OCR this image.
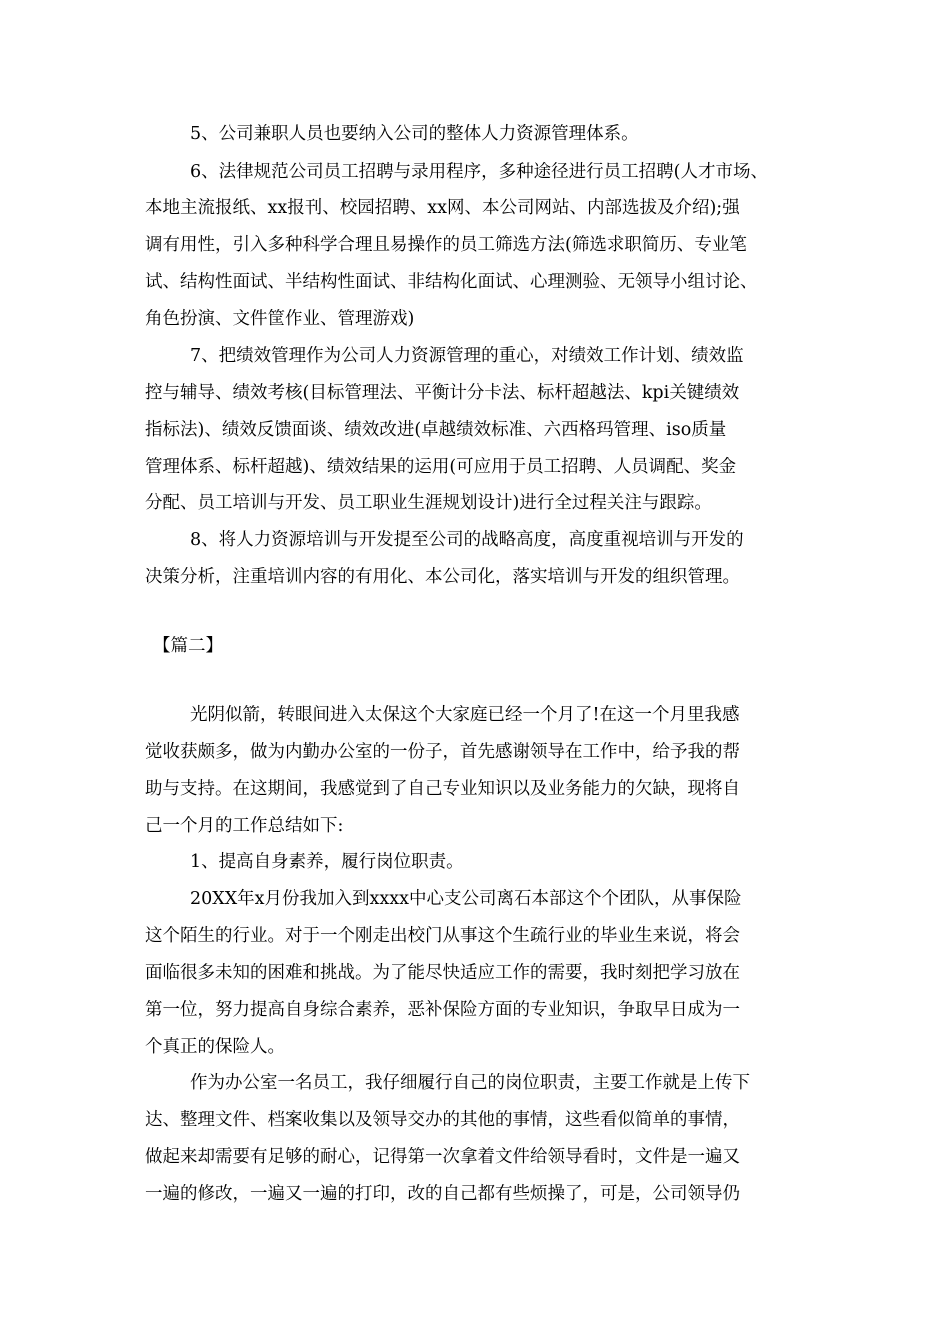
5、公司兼职人员也要纳入公司的整体人力资源管理体系。
6、法律规范公司员工招聘与录用程序，多种途径进行员工招聘(人才市场、
本地主流报纸、xx报刊、校园招聘、xx网、本公司网站、内部选拔及介绍);强
调有用性，引入多种科学合理且易操作的员工筛选方法(筛选求职简历、专业笔
试、结构性面试、半结构性面试、非结构化面试、心理测验、无领导小组讨论、
角色扮演、文件筐作业、管理游戏)
7、把绩效管理作为公司人力资源管理的重心，对绩效工作计划、绩效监
控与辅导、绩效考核(目标管理法、平衡计分卡法、标杆超越法、kpi关键绩效
指标法)、绩效反馈面谈、绩效改进(卓越绩效标准、六西格玛管理、iso质量
管理体系、标杆超越)、绩效结果的运用(可应用于员工招聘、人员调配、奖金
分配、员工培训与开发、员工职业生涯规划设计)进行全过程关注与跟踪。
8、将人力资源培训与开发提至公司的战略高度，高度重视培训与开发的
决策分析，注重培训内容的有用化、本公司化，落实培训与开发的组织管理。
【篇二】
光阴似箭，转眼间进入太保这个大家庭已经一个月了!在这一个月里我感
觉收获颇多，做为内勤办公室的一份子，首先感谢领导在工作中，给予我的帮
助与支持。在这期间，我感觉到了自己专业知识以及业务能力的欠缺，现将自
己一个月的工作总结如下:
1、提高自身素养，履行岗位职责。
20XX年x月份我加入到xxxx中心支公司离石本部这个个团队，从事保险
这个陌生的行业。对于一个刚走出校门从事这个生疏行业的毕业生来说，将会
面临很多未知的困难和挑战。为了能尽快适应工作的需要，我时刻把学习放在
第一位，努力提高自身综合素养，恶补保险方面的专业知识，争取早日成为一
个真正的保险人。
作为办公室一名员工，我仔细履行自己的岗位职责，主要工作就是上传下
达、整理文件、档案收集以及领导交办的其他的事情，这些看似简单的事情，
做起来却需要有足够的耐心，记得第一次拿着文件给领导看时，文件是一遍又
一遍的修改，一遍又一遍的打印，改的自己都有些烦操了，可是，公司领导仍
